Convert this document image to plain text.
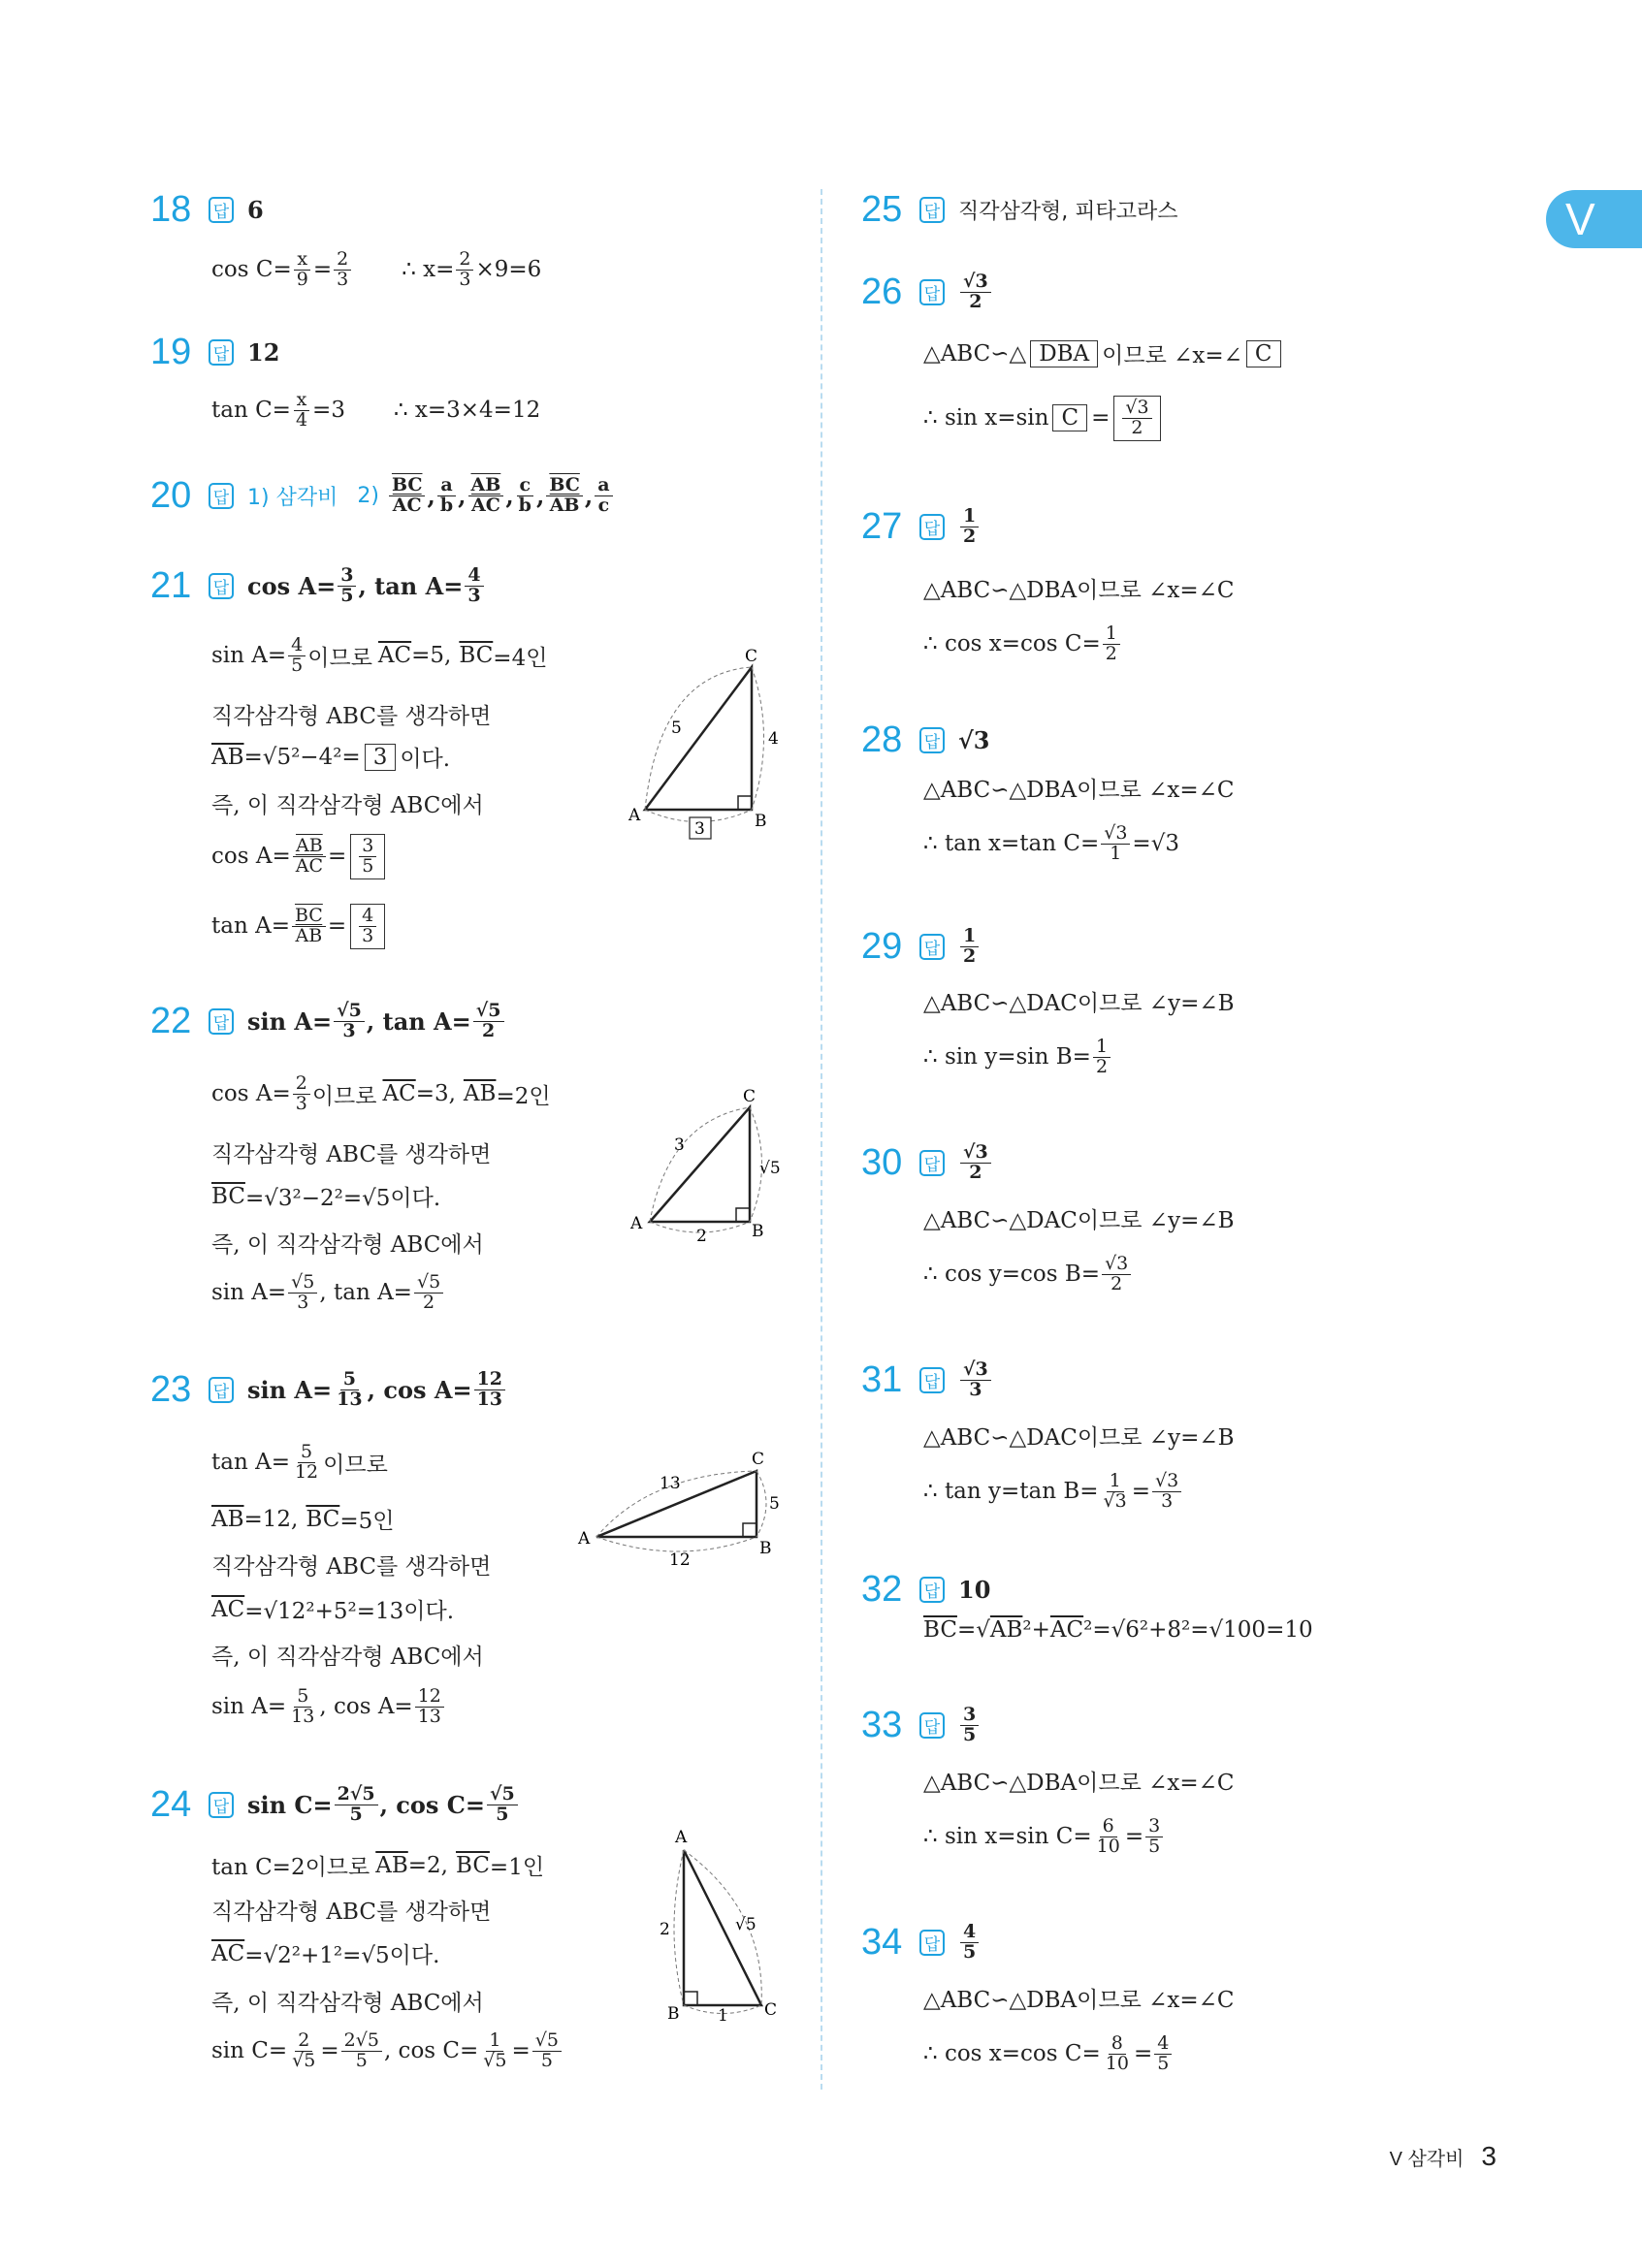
V
18	답 6
$\cos C= \frac{x}{9} = \frac{2}{3}$ ∴ $x= \frac{2}{3} \times 9=6$
19	답 12
$\tan C= \frac{x}{4} =3$ ∴ x=3×4=12
20	답 1) 삼각비 $2) \frac{\overline{BC}}{AC}$ , $\frac{a}{b}$ , $\frac{\overline{AB}}{AC}$ , $\frac{c}{b}$ , $\frac{\overline{BC}}{AB}$ , $\frac{a}{c}$
21	답 $\cos A= \frac{3}{5}$ , $\tan A= \frac{4}{3}$
$\sin A= \frac{4}{5}$ 이므로 $\overline{AC} =5$, $\overline{BC} =4$인
직각삼각형 ABC를 생각하면
$\overline{AB} =√5^2-4^2= 3$ 이다.
즉, 이 직각삼각형 ABC에서
$\cos A= \frac{\overline{AB}}{AC} = \frac{3}{5}$
$\tan A= \frac{\overline{BC}}{AB} = \frac{4}{3}$
A	B
C
5
4
3
22	답 $\sin A= \frac{√5}{3}$ , $\tan A= \frac{√5}{2}$
$\cos A= \frac{2}{3}$ 이므로 $\overline{AC} =3$, $\overline{AB} =2$인
직각삼각형 ABC를 생각하면
$\overline{BC} =√3^2-2^2=√5$이다.
즉, 이 직각삼각형 ABC에서
$\sin A= \frac{√5}{3}$ , $\tan A= \frac{√5}{2}$
A	B
C
3
√5
2
23	답 $\sin A= \frac{5}{13}$ , $\cos A= \frac{12}{13}$
$\tan A= \frac{5}{12}$ 이므로
$\overline{AB} =12$, $\overline{BC} =5$인
직각삼각형 ABC를 생각하면
$\overline{AC} =√12^2+5^2=13$이다.
즉, 이 직각삼각형 ABC에서
$\sin A= \frac{5}{13}$ , $\cos A= \frac{12}{13}$
A	B
C
13
5
12
24	답 $\sin C= \frac{2√5}{5}$ , $\cos C= \frac{√5}{5}$
tan C=2이므로 $\overline{AB} =2$, $\overline{BC} =1$인
직각삼각형 ABC를 생각하면
$\overline{AC} =√2^2+1^2=√5$이다.
즉, 이 직각삼각형 ABC에서
$\sin C= \frac{2}{√5} = \frac{2√5}{5}$ , $\cos C= \frac{1}{√5} = \frac{√5}{5}$
A
B	C
2	√5
1
25	답 직각삼각형, 피타고라스
26	답 $\frac{√3}{2}$
△ABC∽△ DBA 이므로 ∠x=∠ C
∴ sin x=sin $C = \frac{√3}{2}$
27	답 $\frac{1}{2}$
△ABC∽△DBA이므로 ∠x=∠C
∴ cos x=cos $C= \frac{1}{2}$
28	답 √3
△ABC∽△DBA이므로 ∠x=∠C
∴ tan x=tan $C= \frac{√3}{1} =√3$
29	답 $\frac{1}{2}$
△ABC∽△DAC이므로 ∠y=∠B
∴ sin y=sin $B= \frac{1}{2}$
30	답 $\frac{√3}{2}$
△ABC∽△DAC이므로 ∠y=∠B
∴ cos y=cos $B= \frac{√3}{2}$
31	답 $\frac{√3}{3}$
△ABC∽△DAC이므로 ∠y=∠B
∴ tan y=tan $B= \frac{1}{√3} = \frac{√3}{3}$
32	답 10
$\overline{BC}$ =√ AB $^2+ \overline{AC}$ ²=√6²+8²=√100=10
33	답 $\frac{3}{5}$
△ABC∽△DBA이므로 ∠x=∠C
∴ sin x=sin $C= \frac{6}{10} = \frac{3}{5}$
34	답 $\frac{4}{5}$
△ABC∽△DBA이므로 ∠x=∠C
∴ cos x=cos $C= \frac{8}{10} = \frac{4}{5}$
V 삼각비 3
